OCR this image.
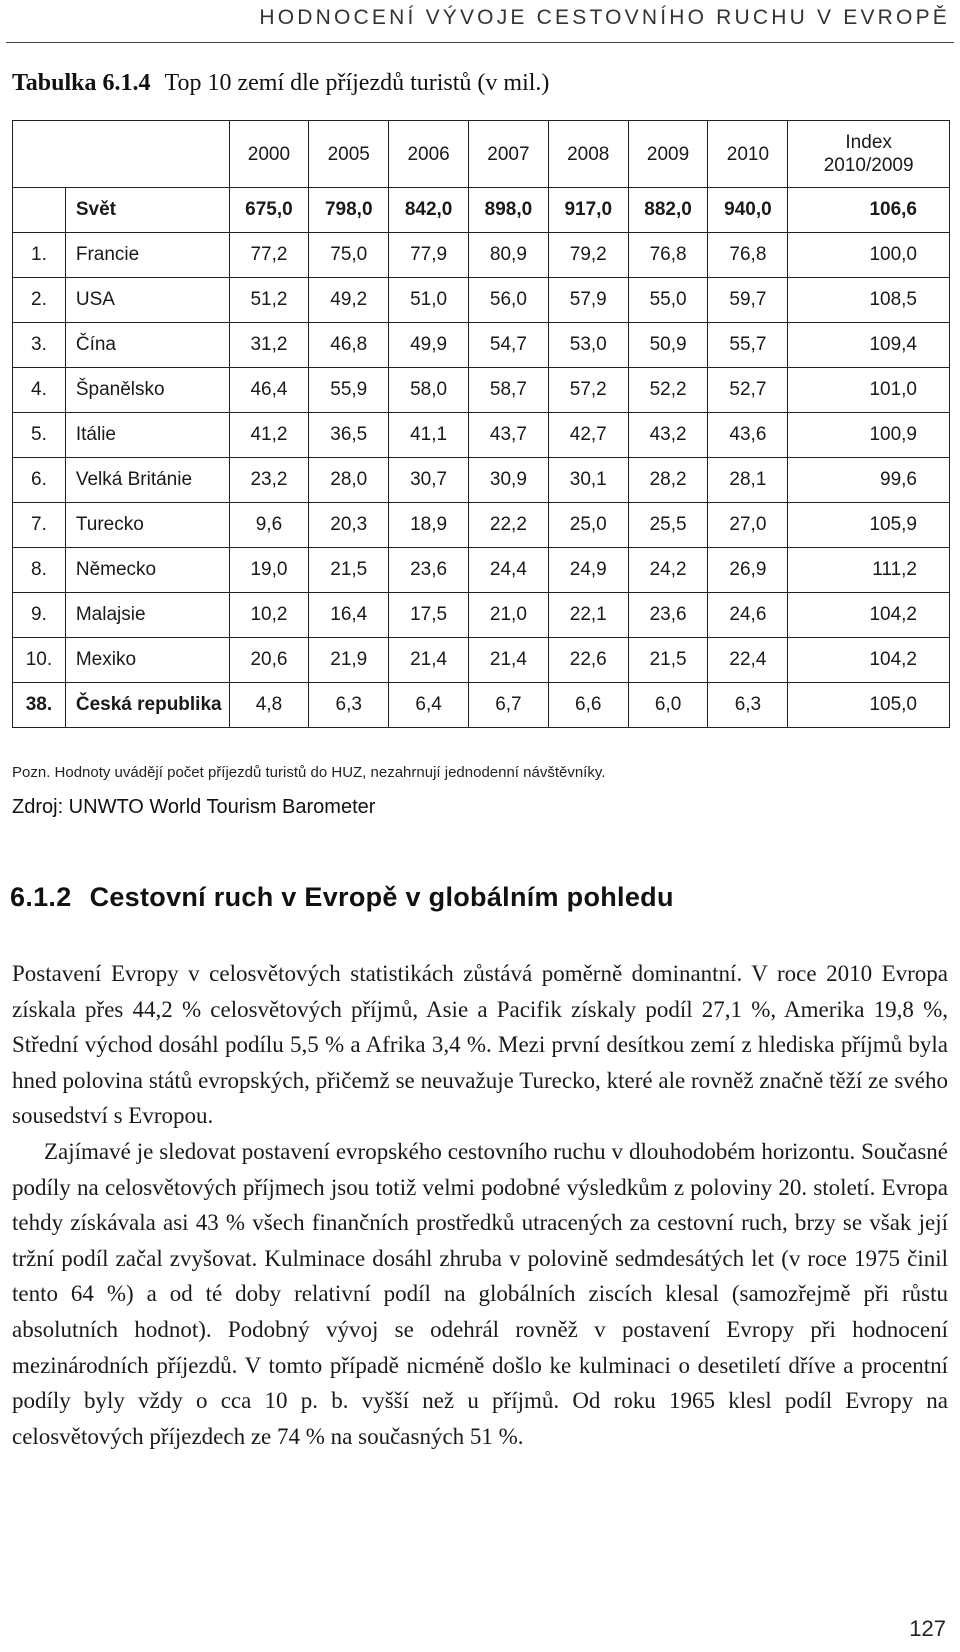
HODNOCENÍ VÝVOJE CESTOVNÍHO RUCHU V EVROPĚ
Tabulka 6.1.4 Top 10 zemí dle příjezdů turistů (v mil.)
		2000	2005	2006	2007	2008	2009	2010	Index
2010/2009
	Svět	675,0	798,0	842,0	898,0	917,0	882,0	940,0	106,6
1.	Francie	77,2	75,0	77,9	80,9	79,2	76,8	76,8	100,0
2.	USA	51,2	49,2	51,0	56,0	57,9	55,0	59,7	108,5
3.	Čína	31,2	46,8	49,9	54,7	53,0	50,9	55,7	109,4
4.	Španělsko	46,4	55,9	58,0	58,7	57,2	52,2	52,7	101,0
5.	Itálie	41,2	36,5	41,1	43,7	42,7	43,2	43,6	100,9
6.	Velká Británie	23,2	28,0	30,7	30,9	30,1	28,2	28,1	99,6
7.	Turecko	9,6	20,3	18,9	22,2	25,0	25,5	27,0	105,9
8.	Německo	19,0	21,5	23,6	24,4	24,9	24,2	26,9	111,2
9.	Malajsie	10,2	16,4	17,5	21,0	22,1	23,6	24,6	104,2
10.	Mexiko	20,6	21,9	21,4	21,4	22,6	21,5	22,4	104,2
38.	Česká republika	4,8	6,3	6,4	6,7	6,6	6,0	6,3	105,0
Pozn. Hodnoty uvádějí počet příjezdů turistů do HUZ, nezahrnují jednodenní návštěvníky.
Zdroj: UNWTO World Tourism Barometer
6.1.2 Cestovní ruch v Evropě v globálním pohledu

Postavení Evropy v celosvětových statistikách zůstává poměrně dominantní. V roce 2010 Evropa získala přes 44,2 % celosvětových příjmů, Asie a Pacifik získaly podíl 27,1 %, Amerika 19,8 %, Střední východ dosáhl podílu 5,5 % a Afrika 3,4 %. Mezi první desítkou zemí z hlediska příjmů byla hned polovina států evropských, přičemž se neuvažuje Turecko, které ale rovněž značně těží ze svého sousedství s Evropou.

Zajímavé je sledovat postavení evropského cestovního ruchu v dlouhodobém horizontu. Současné podíly na celosvětových příjmech jsou totiž velmi podobné výsledkům z poloviny 20. století. Evropa tehdy získávala asi 43 % všech finančních prostředků utracených za cestovní ruch, brzy se však její tržní podíl začal zvyšovat. Kulminace dosáhl zhruba v polovině sedmdesátých let (v roce 1975 činil tento 64 %) a od té doby relativní podíl na globálních ziscích klesal (samozřejmě při růstu absolutních hodnot). Podobný vývoj se odehrál rovněž v postavení Evropy při hodnocení mezinárodních příjezdů. V tomto případě nicméně došlo ke kulminaci o desetiletí dříve a procentní podíly byly vždy o cca 10 p. b. vyšší než u příjmů. Od roku 1965 klesl podíl Evropy na celosvětových příjezdech ze 74 % na současných 51 %.

127
